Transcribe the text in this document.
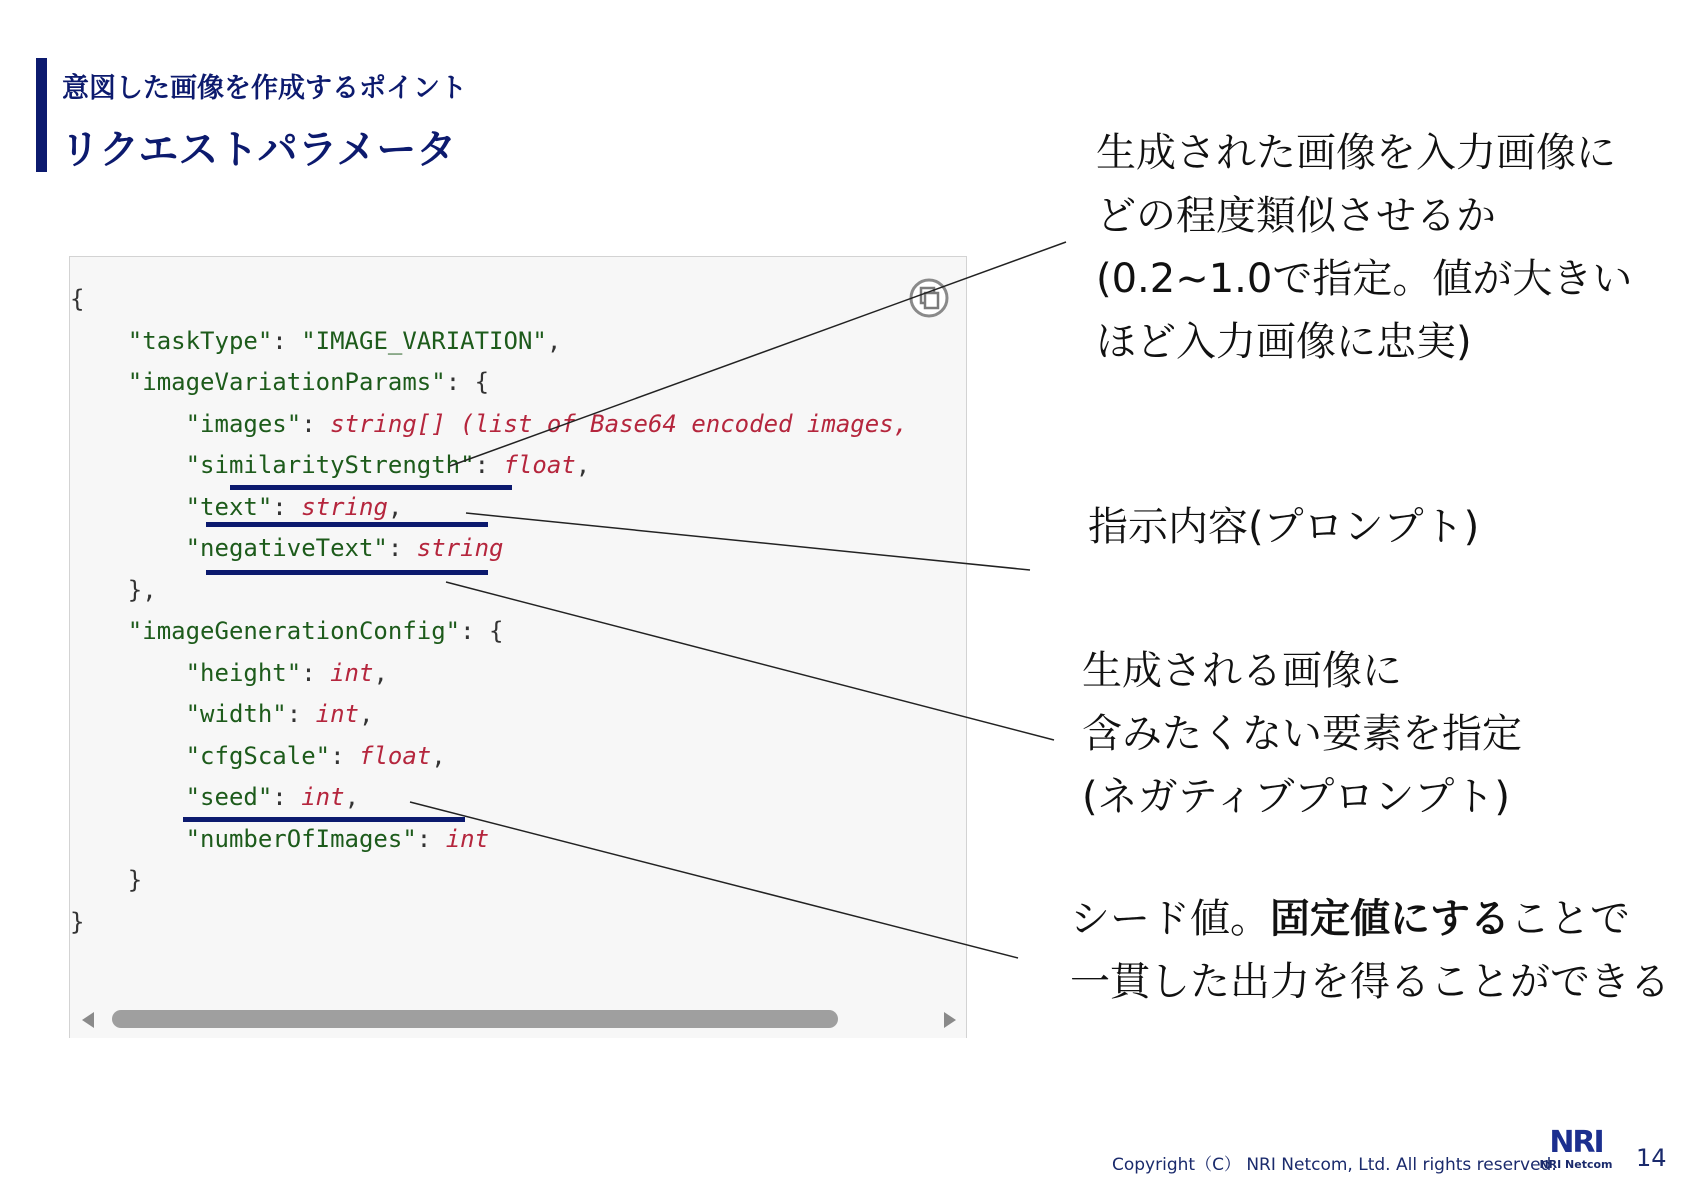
意図した画像を作成するポイント
リクエストパラメータ
{
"taskType": "IMAGE_VARIATION",
"imageVariationParams": {
"images": string[] (list of Base64 encoded images,
"similarityStrength": float,
"text": string,
"negativeText": string
},
"imageGenerationConfig": {
"height": int,
"width": int,
"cfgScale": float,
"seed": int,
"numberOfImages": int
}
}
生成された画像を入力画像に
どの程度類似させるか
(0.2~1.0で指定。値が大きい
ほど入力画像に忠実)
指示内容(プロンプト)
生成される画像に
含みたくない要素を指定
(ネガティブプロンプト)
シード値。固定値にすることで
一貫した出力を得ることができる
Copyright（C） NRI Netcom, Ltd. All rights reserved.
NRI
NRI Netcom 14
